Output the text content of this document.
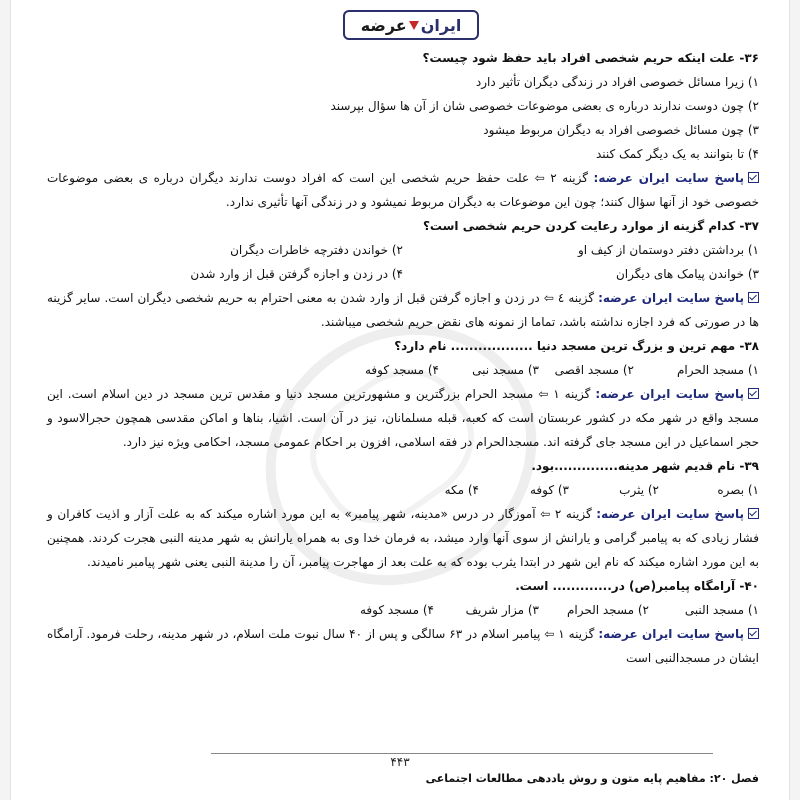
ایران
عرضه

۳۶- علت اینکه حریم شخصی افراد باید حفظ شود چیست؟

۱) زیرا مسائل خصوصی افراد در زندگی دیگران تأثیر دارد

۲) چون دوست ندارند درباره ی بعضی موضوعات خصوصی شان از آن ها سؤال بپرسند

۳) چون مسائل خصوصی افراد به دیگران مربوط میشود

۴) تا بتوانند به یک دیگر کمک کنند

پاسخ سایت ایران عرضه: گزینه ۲ ⇦ علت حفظ حریم شخصی این است که افراد دوست ندارند دیگران درباره ی بعضی موضوعات خصوصی خود از آنها سؤال کنند؛ چون این موضوعات به دیگران مربوط نمیشود و در زندگی آنها تأثیری ندارد.

۳۷- کدام گزینه از موارد رعایت کردن حریم شخصی است؟

۱) برداشتن دفتر دوستمان از کیف او
۲) خواندن دفترچه خاطرات دیگران
۳) خواندن پیامک های دیگران
۴) در زدن و اجازه گرفتن قبل از وارد شدن

پاسخ سایت ایران عرضه: گزینه ٤ ⇦ در زدن و اجازه گرفتن قبل از وارد شدن به معنی احترام به حریم شخصی دیگران است. سایر گزینه ها در صورتی که فرد اجازه نداشته باشد، تماما از نمونه های نقض حریم شخصی میباشند.

۳۸- مهم ترین و بزرگ ترین مسجد دنیا .................. نام دارد؟

۱) مسجد الحرام
۲) مسجد اقصی
۳) مسجد نبی
۴) مسجد کوفه

پاسخ سایت ایران عرضه: گزینه ۱ ⇦ مسجد الحرام بزرگترین و مشهورترین مسجد دنیا و مقدس ترین مسجد در دین اسلام است. این مسجد واقع در شهر مکه در کشور عربستان است که کعبه، قبله مسلمانان، نیز در آن است. اشیا، بناها و اماکن مقدسی همچون حجرالاسود و حجر اسماعیل در این مسجد جای گرفته اند. مسجدالحرام در فقه اسلامی، افزون بر احکام عمومی مسجد، احکامی ویژه نیز دارد.

۳۹- نام قدیم شهر مدینه..............بود.

۱) بصره
۲) یثرب
۳) کوفه
۴) مکه

پاسخ سایت ایران عرضه: گزینه ۲ ⇦ آموزگار در درس «مدینه، شهر پیامبر» به این مورد اشاره میکند که به علت آزار و اذیت کافران و فشار زیادی که به پیامبر گرامی و یارانش از سوی آنها وارد میشد، به فرمان خدا وی به همراه یارانش به شهر مدینه النبی هجرت کردند. همچنین به این مورد اشاره میکند که نام این شهر در ابتدا یثرب بوده که به علت بعد از مهاجرت پیامبر، آن را مدینة النبی یعنی شهر پیامبر نامیدند.

۴۰- آرامگاه پیامبر(ص) در............. است.

۱) مسجد النبی
۲) مسجد الحرام
۳) مزار شریف
۴) مسجد کوفه

پاسخ سایت ایران عرضه: گزینه ۱ ⇦ پیامبر اسلام در ۶۳ سالگی و پس از ۴۰ سال نبوت ملت اسلام، در شهر مدینه، رحلت فرمود. آرامگاه ایشان در مسجدالنبی است

۴۴۳
فصل ۲۰: مفاهیم پایه متون و روش یاددهی مطالعات اجتماعی
